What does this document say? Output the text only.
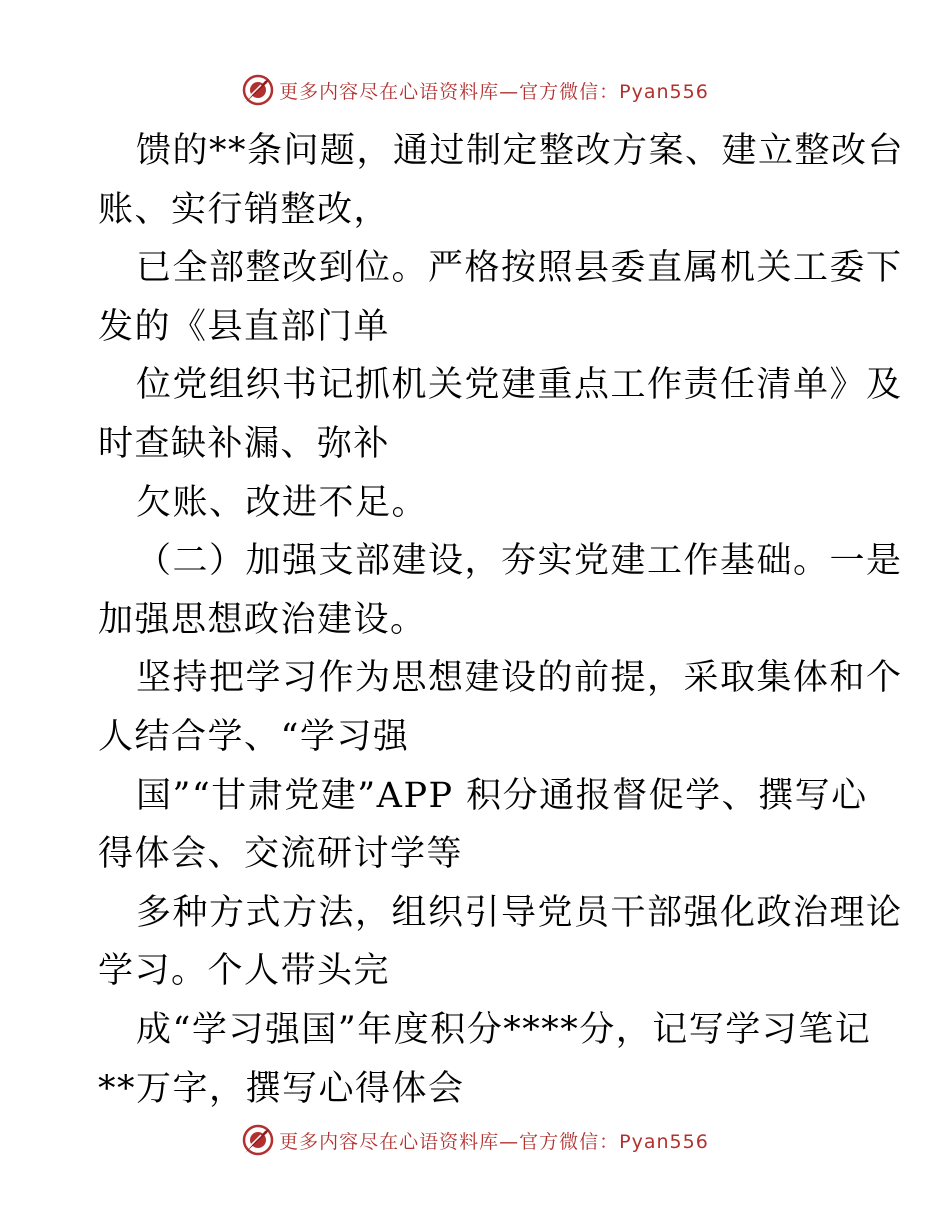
更多内容尽在心语资料库—官方微信：Pyan556
馈的**条问题，通过制定整改方案、建立整改台
账、实行销整改，
已全部整改到位。严格按照县委直属机关工委下
发的《县直部门单
位党组织书记抓机关党建重点工作责任清单》及
时查缺补漏、弥补
欠账、改进不足。
（二）加强支部建设，夯实党建工作基础。一是
加强思想政治建设。
坚持把学习作为思想建设的前提，采取集体和个
人结合学、“学习强
国”“甘肃党建”APP 积分通报督促学、撰写心
得体会、交流研讨学等
多种方式方法，组织引导党员干部强化政治理论
学习。个人带头完
成“学习强国”年度积分****分，记写学习笔记
**万字，撰写心得体会
更多内容尽在心语资料库—官方微信：Pyan556
